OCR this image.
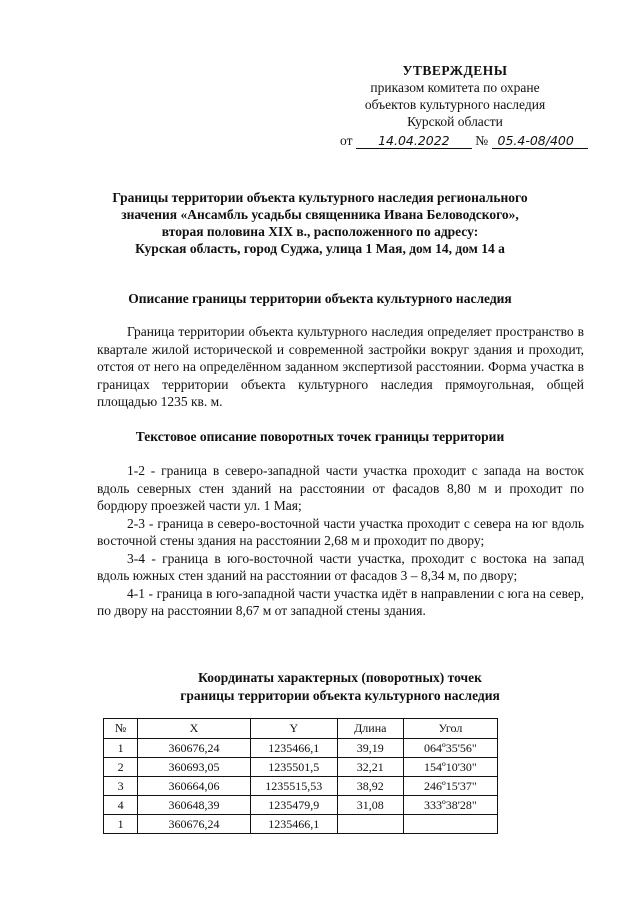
УТВЕРЖДЕНЫ
приказом комитета по охране
объектов культурного наследия
Курской области
от 14.04.2022 № 05.4-08/400
Границы территории объекта культурного наследия регионального
значения «Ансамбль усадьбы священника Ивана Беловодского»,
вторая половина XIX в., расположенного по адресу:
Курская область, город Суджа, улица 1 Мая, дом 14, дом 14 а
Описание границы территории объекта культурного наследия

Граница территории объекта культурного наследия определяет пространство в квартале жилой исторической и современной застройки вокруг здания и проходит, отстоя от него на определённом заданном экспертизой расстоянии. Форма участка в границах территории объекта культурного наследия прямоугольная, общей площадью 1235 кв. м.

Текстовое описание поворотных точек границы территории

1-2 - граница в северо-западной части участка проходит с запада на восток вдоль северных стен зданий на расстоянии от фасадов 8,80 м и проходит по бордюру проезжей части ул. 1 Мая;

2-3 - граница в северо-восточной части участка проходит с севера на юг вдоль восточной стены здания на расстоянии 2,68 м и проходит по двору;

3-4 - граница в юго-восточной части участка, проходит с востока на запад вдоль южных стен зданий на расстоянии от фасадов 3 – 8,34 м, по двору;

4-1 - граница в юго-западной части участка идёт в направлении с юга на север, по двору на расстоянии 8,67 м от западной стены здания.

Координаты характерных (поворотных) точек
границы территории объекта культурного наследия
№	X	Y	Длина	Угол
1	360676,24	1235466,1	39,19	064º35'56"
2	360693,05	1235501,5	32,21	154º10'30"
3	360664,06	1235515,53	38,92	246º15'37"
4	360648,39	1235479,9	31,08	333º38'28"
1	360676,24	1235466,1		
